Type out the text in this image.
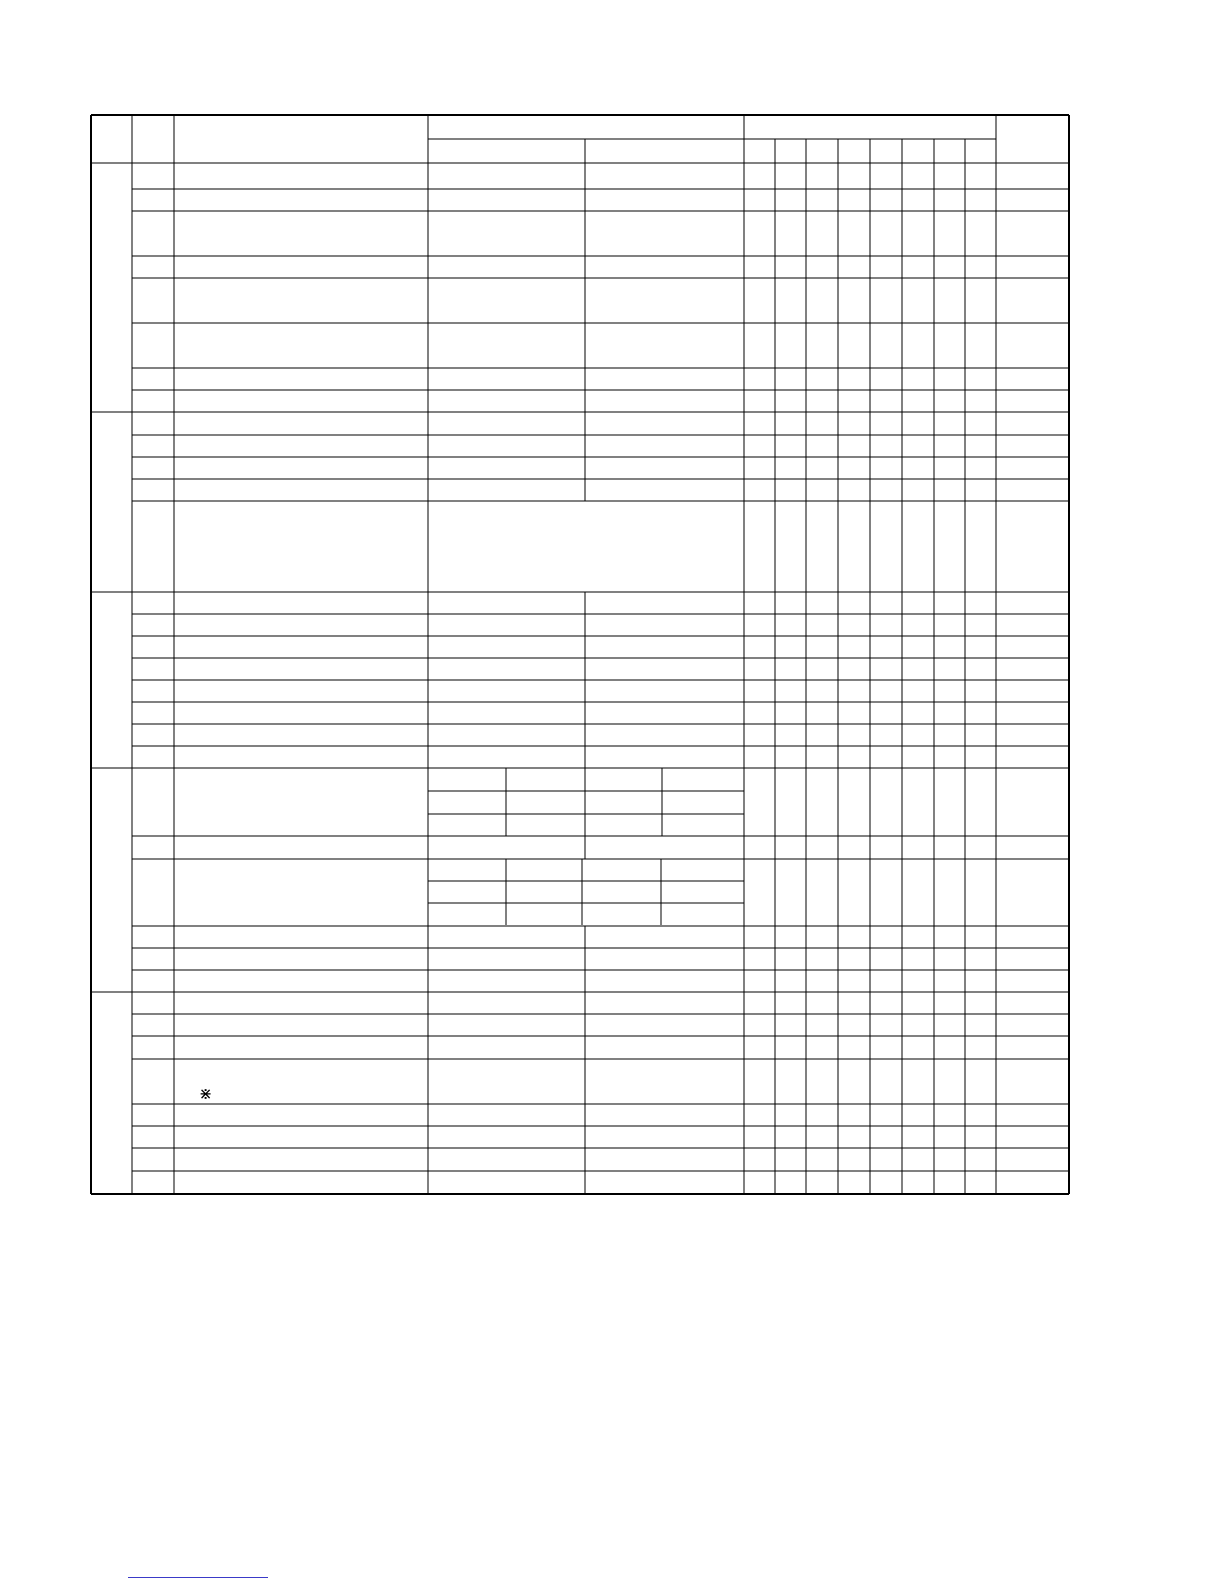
⋇
